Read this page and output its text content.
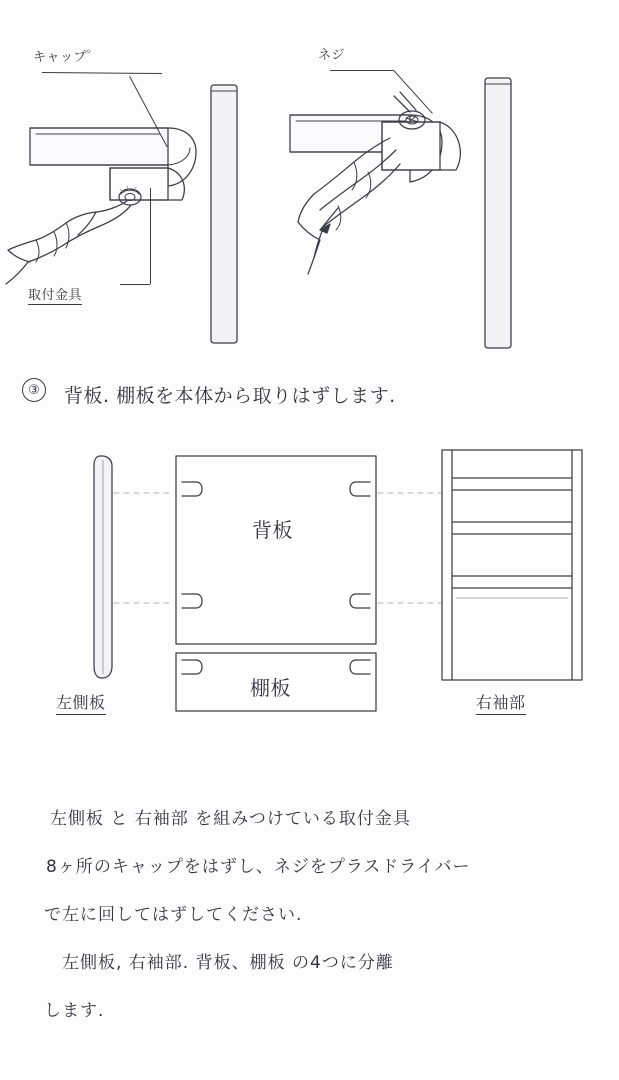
キャップ゜
取付金具
ネジ
③	背板. 棚板を本体から取りはずします.
左側板
背板
棚板
右袖部
左側板 と 右袖部 を組みつけている取付金具
8ヶ所のキャップをはずし、ネジをプラスドライバー
で左に回してはずしてください.
　左側板, 右袖部. 背板、棚板 の4つに分離
します.
